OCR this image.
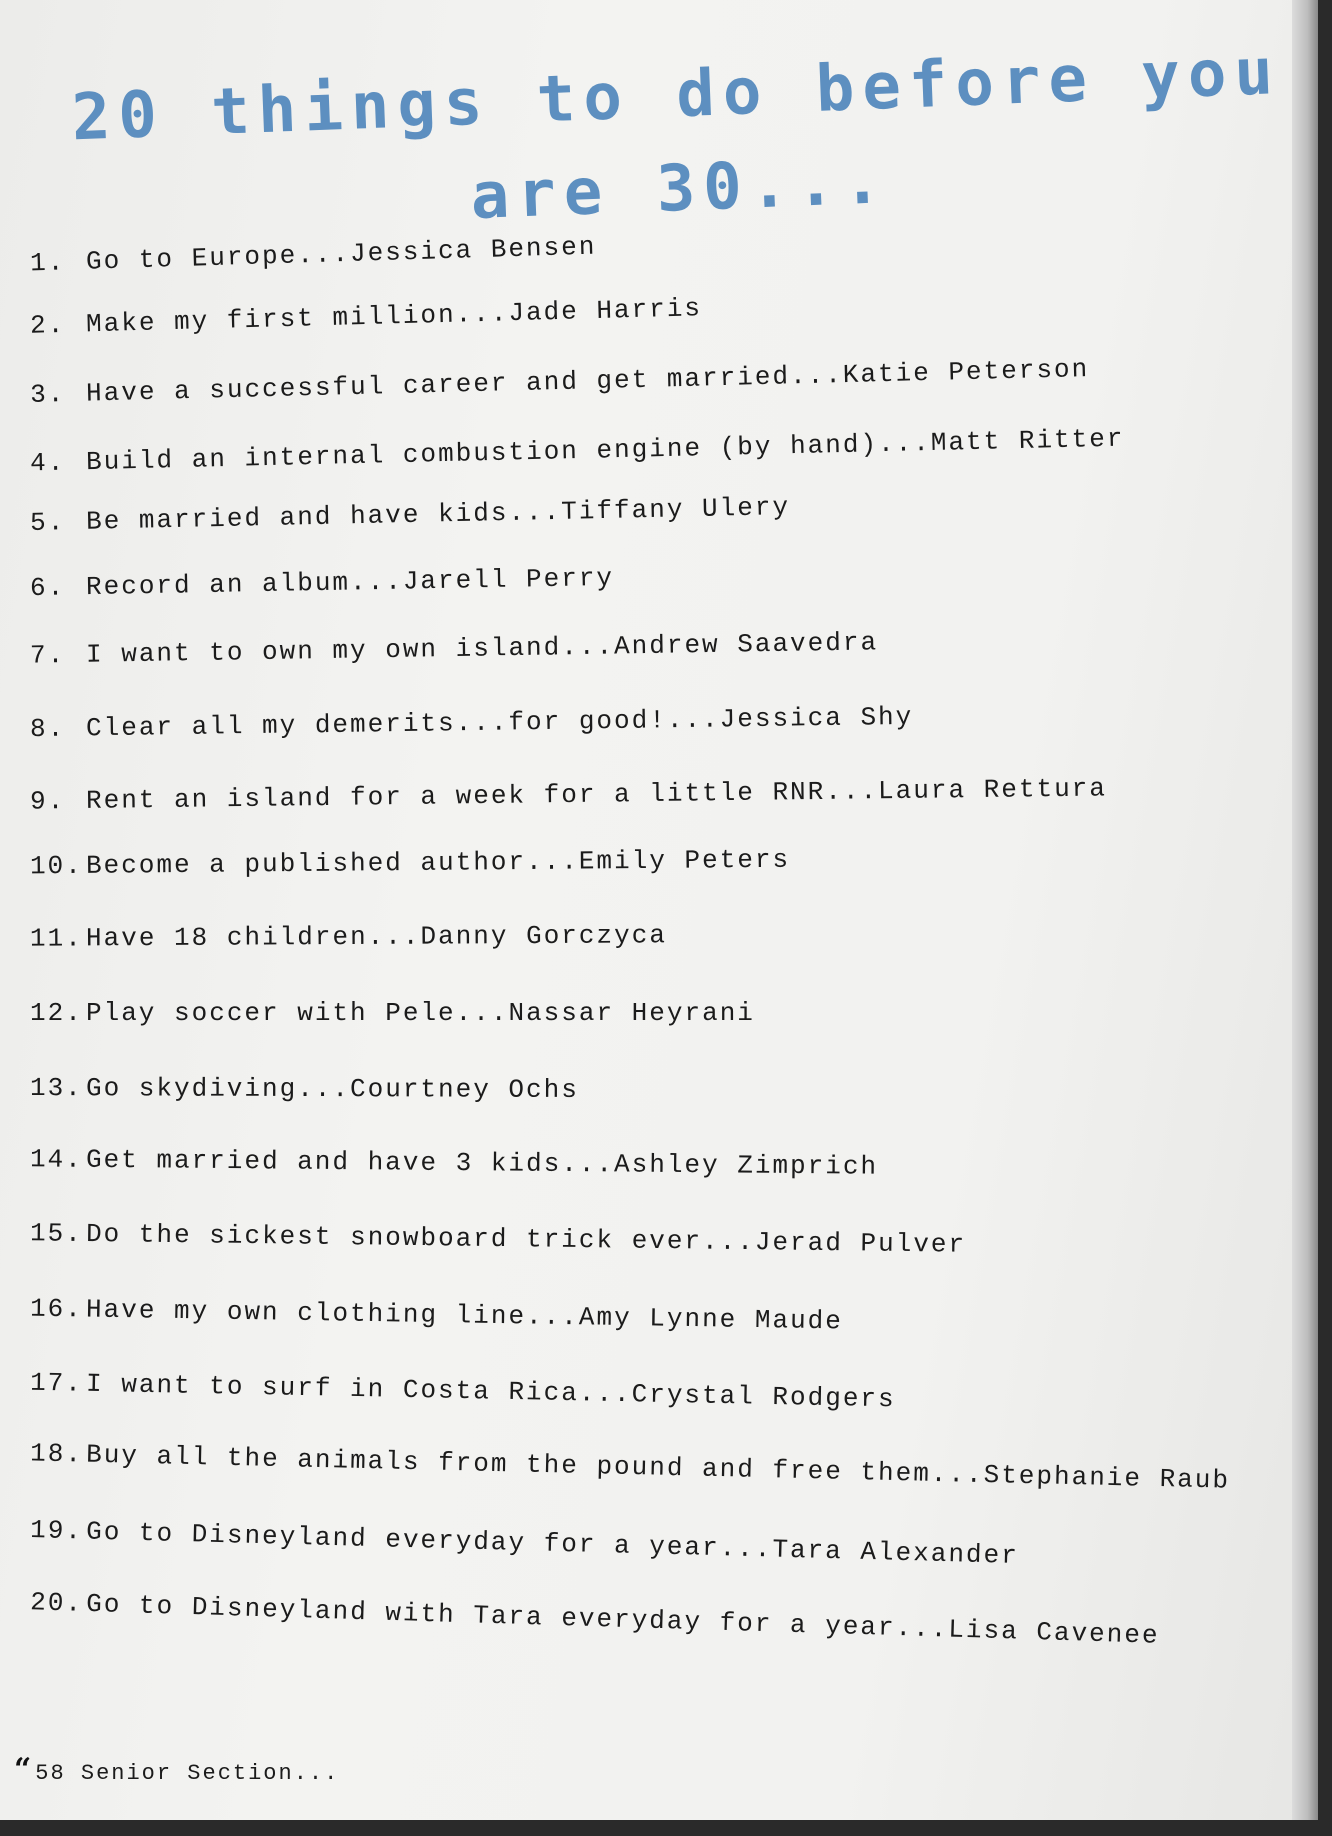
20 things to do before you are 30...
1. Go to Europe...Jessica Bensen
2. Make my first million...Jade Harris
3. Have a successful career and get married...Katie Peterson
4. Build an internal combustion engine (by hand)...Matt Ritter
5. Be married and have kids...Tiffany Ulery
6. Record an album...Jarell Perry
7. I want to own my own island...Andrew Saavedra
8. Clear all my demerits...for good!...Jessica Shy
9. Rent an island for a week for a little RNR...Laura Rettura
10. Become a published author...Emily Peters
11. Have 18 children...Danny Gorczyca
12. Play soccer with Pele...Nassar Heyrani
13. Go skydiving...Courtney Ochs
14. Get married and have 3 kids...Ashley Zimprich
15. Do the sickest snowboard trick ever...Jerad Pulver
16. Have my own clothing line...Amy Lynne Maude
17. I want to surf in Costa Rica...Crystal Rodgers
18.Buy all the animals from the pound and free them...Stephanie Raub
19.Go to Disneyland everyday for a year...Tara Alexander
20.Go to Disneyland with Tara everyday for a year...Lisa Cavenee
“58 Senior Section...
